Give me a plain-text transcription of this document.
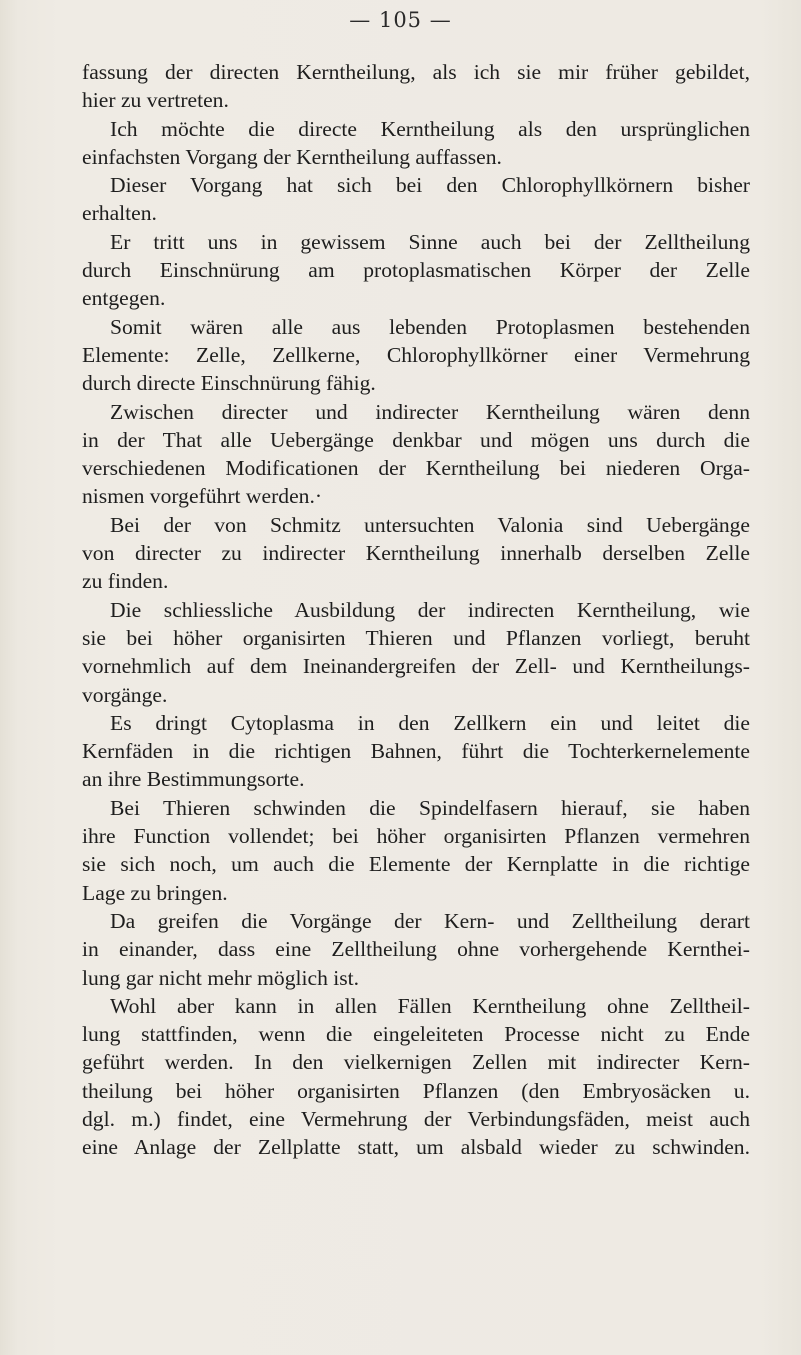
— 105 —
fassung der directen Kerntheilung, als ich sie mir früher gebildet,
hier zu vertreten.
Ich möchte die directe Kerntheilung als den ursprünglichen
einfachsten Vorgang der Kerntheilung auffassen.
Dieser Vorgang hat sich bei den Chlorophyllkörnern bisher
erhalten.
Er tritt uns in gewissem Sinne auch bei der Zelltheilung
durch Einschnürung am protoplasmatischen Körper der Zelle
entgegen.
Somit wären alle aus lebenden Protoplasmen bestehenden
Elemente: Zelle, Zellkerne, Chlorophyllkörner einer Vermehrung
durch directe Einschnürung fähig.
Zwischen directer und indirecter Kerntheilung wären denn
in der That alle Uebergänge denkbar und mögen uns durch die
verschiedenen Modificationen der Kerntheilung bei niederen Orga-
nismen vorgeführt werden.·
Bei der von Schmitz untersuchten Valonia sind Uebergänge
von directer zu indirecter Kerntheilung innerhalb derselben Zelle
zu finden.
Die schliessliche Ausbildung der indirecten Kerntheilung, wie
sie bei höher organisirten Thieren und Pflanzen vorliegt, beruht
vornehmlich auf dem Ineinandergreifen der Zell- und Kerntheilungs-
vorgänge.
Es dringt Cytoplasma in den Zellkern ein und leitet die
Kernfäden in die richtigen Bahnen, führt die Tochterkernelemente
an ihre Bestimmungsorte.
Bei Thieren schwinden die Spindelfasern hierauf, sie haben
ihre Function vollendet; bei höher organisirten Pflanzen vermehren
sie sich noch, um auch die Elemente der Kernplatte in die richtige
Lage zu bringen.
Da greifen die Vorgänge der Kern- und Zelltheilung derart
in einander, dass eine Zelltheilung ohne vorhergehende Kernthei-
lung gar nicht mehr möglich ist.
Wohl aber kann in allen Fällen Kerntheilung ohne Zelltheil-
lung stattfinden, wenn die eingeleiteten Processe nicht zu Ende
geführt werden. In den vielkernigen Zellen mit indirecter Kern-
theilung bei höher organisirten Pflanzen (den Embryosäcken u.
dgl. m.) findet, eine Vermehrung der Verbindungsfäden, meist auch
eine Anlage der Zellplatte statt, um alsbald wieder zu schwinden.
